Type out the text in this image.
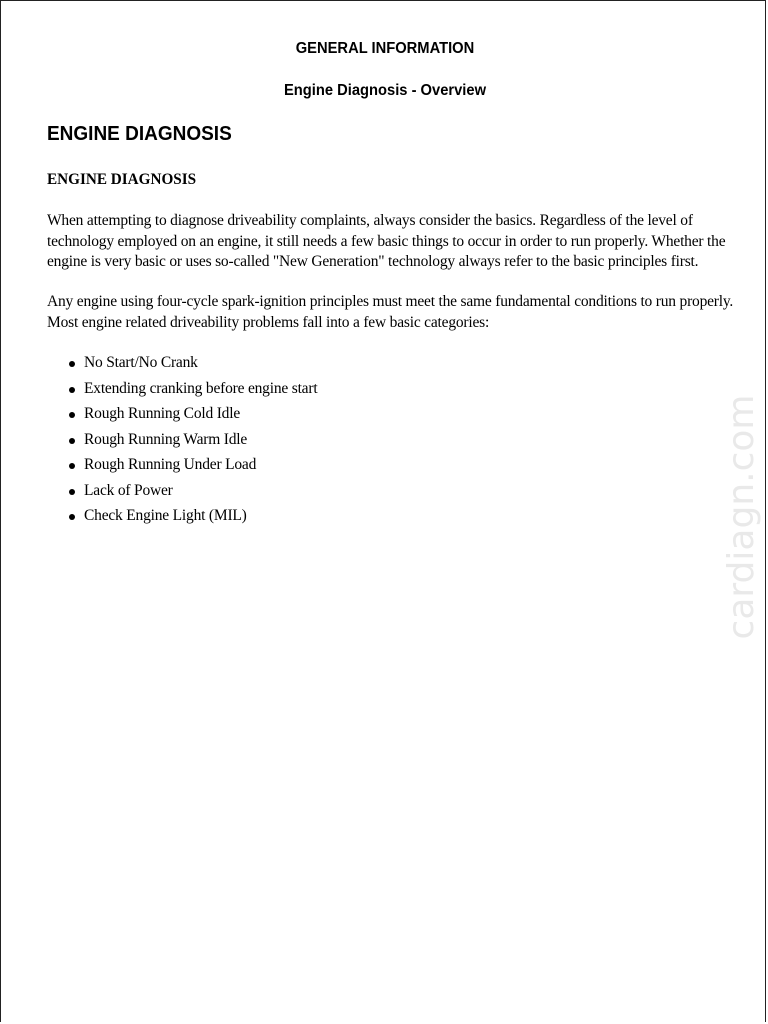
GENERAL INFORMATION
Engine Diagnosis - Overview
ENGINE DIAGNOSIS
ENGINE DIAGNOSIS

When attempting to diagnose driveability complaints, always consider the basics. Regardless of the level of technology employed on an engine, it still needs a few basic things to occur in order to run properly. Whether the engine is very basic or uses so-called "New Generation" technology always refer to the basic principles first.

Any engine using four-cycle spark-ignition principles must meet the same fundamental conditions to run properly. Most engine related driveability problems fall into a few basic categories:

No Start/No Crank
Extending cranking before engine start
Rough Running Cold Idle
Rough Running Warm Idle
Rough Running Under Load
Lack of Power
Check Engine Light (MIL)	cardiagn.com
